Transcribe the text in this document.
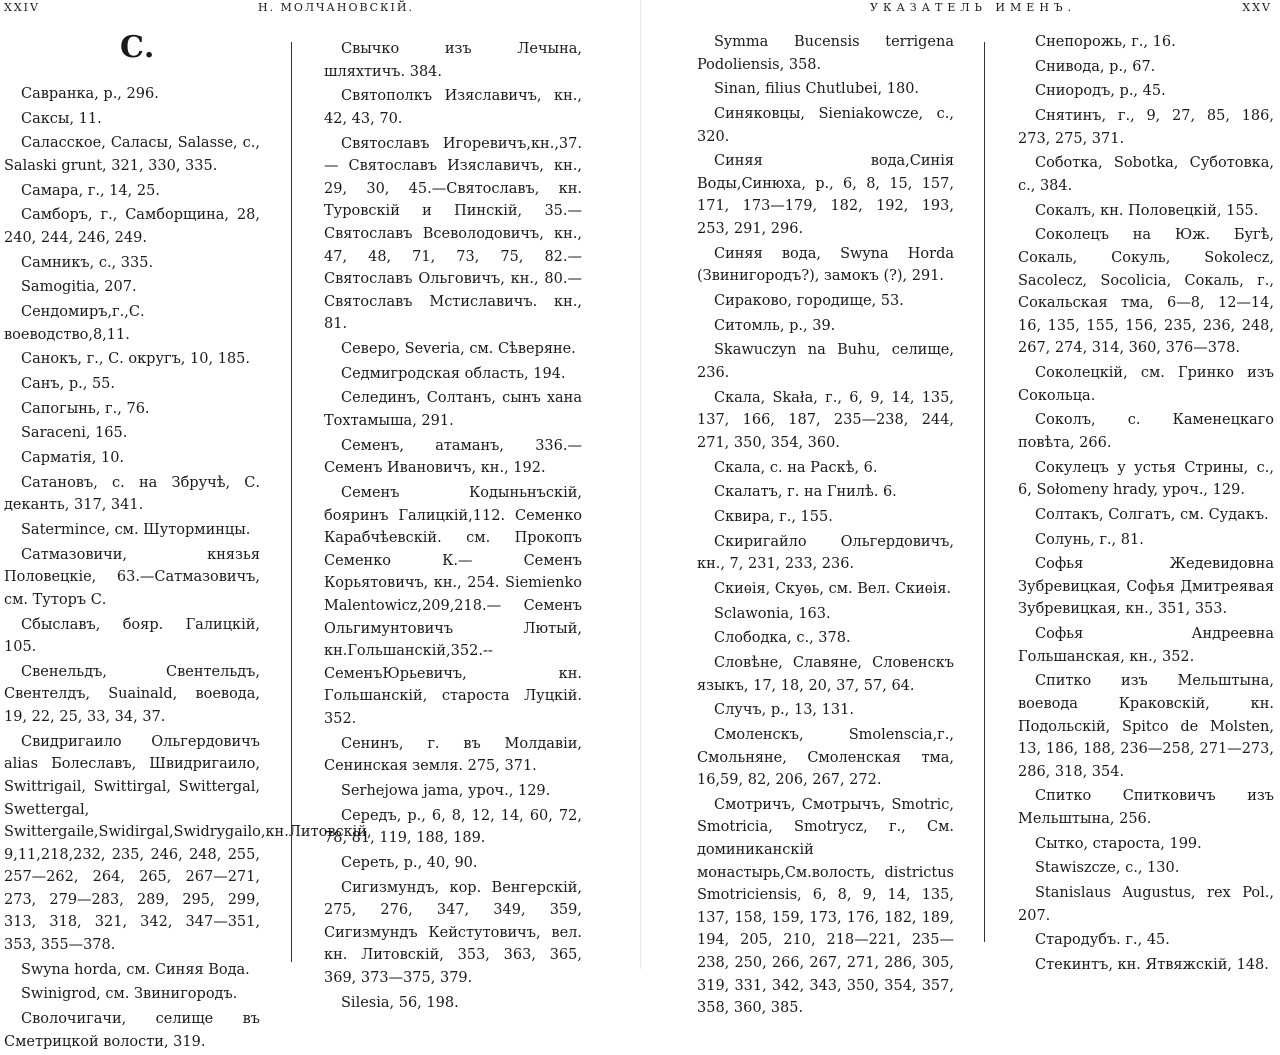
XXIV	Н. МОЛЧАНОВСКІЙ.
С.

Савранка, р., 296.

Саксы, 11.

Саласское, Саласы, Salasse, с., Salaski grunt, 321, 330, 335.

Самара, г., 14, 25.

Самборъ, г., Самборщина, 28, 240, 244, 246, 249.

Самникъ, с., 335.

Samogitia, 207.

Сендомиръ,г.,С. воеводство,8,11.

Санокъ, г., С. округъ, 10, 185.

Санъ, р., 55.

Сапогынь, г., 76.

Saraceni, 165.

Сарматія, 10.

Сатановъ, с. на Збручѣ, С. деканть, 317, 341.

Satermince, см. Шуторминцы.

Сатмазовичи, князья Половецкіе, 63.—Сатмазовичъ, см. Туторъ С.

Сбыславъ, бояр. Галицкій, 105.

Свенельдъ, Свентельдъ, Свентелдъ, Suainald, воевода, 19, 22, 25, 33, 34, 37.

Свидригаило Ольгердовичъ alias Болеславъ, Швидригаило, Swittrigail, Swittirgal, Swittergal, Swettergal, Swittergaile,Swidirgal,Swidrygailo,кн.Литовскій, 9,11,218,232, 235, 246, 248, 255, 257—262, 264, 265, 267—271, 273, 279—283, 289, 295, 299, 313, 318, 321, 342, 347—351, 353, 355—378.

Swyna horda, см. Синяя Вода.

Swinigrod, см. Звинигородъ.

Сволочигачи, селище въ Сметрицкой волости, 319.

Свычко изъ Лечына, шляхтичъ. 384.

Святополкъ Изяславичъ, кн., 42, 43, 70.

Святославъ Игоревичъ,кн.,37.— Святославъ Изяславичъ, кн., 29, 30, 45.—Святославъ, кн. Туровскій и Пинскій, 35.—Святославъ Всеволодовичъ, кн., 47, 48, 71, 73, 75, 82.—Святославъ Ольговичъ, кн., 80.—Святославъ Мстиславичъ. кн., 81.

Северо, Severia, см. Сѣверяне.

Седмигродская область, 194.

Селединъ, Солтанъ, сынъ хана Тохтамыша, 291.

Семенъ, атаманъ, 336.—Семенъ Ивановичъ, кн., 192.

Семенъ Кодыньнъскій, бояринъ Галицкій,112. Семенко Карабчѣевскій. см. Прокопъ Семенко К.— Семенъ Корьятовичъ, кн., 254. Siemienko Malentowicz,209,218.— Семенъ Ольгимунтовичъ Лютый, кн.Гольшанскій,352.--СеменъЮрьевичъ, кн. Гольшанскій, староста Луцкій. 352.

Сенинъ, г. въ Молдавіи, Сенинская земля. 275, 371.

Serhejowa jama, уроч., 129.

Середъ, р., 6, 8, 12, 14, 60, 72, 78, 81, 119, 188, 189.

Сереть, р., 40, 90.

Сигизмундъ, кор. Венгерскій, 275, 276, 347, 349, 359, Сигизмундъ Кейстутовичъ, вел. кн. Литовскій, 353, 363, 365, 369, 373—375, 379.

Silesia, 56, 198.

УКАЗАТЕЛЬ ИМЕНЪ.	XXV

Symma Bucensis terrigena Podoliensis, 358.

Sinan, filius Chutlubei, 180.

Синяковцы, Sieniakowcze, с., 320.

Синяя вода,Синія Воды,Синюха, р., 6, 8, 15, 157, 171, 173—179, 182, 192, 193, 253, 291, 296.

Синяя вода, Swyna Horda (Звинигородъ?), замокъ (?), 291.

Сираково, городище, 53.

Ситомль, р., 39.

Skawuczyn na Buhu, селище, 236.

Скала, Skała, г., 6, 9, 14, 135, 137, 166, 187, 235—238, 244, 271, 350, 354, 360.

Скала, с. на Раскѣ, 6.

Скалатъ, г. на Гнилѣ. 6.

Сквира, г., 155.

Скиригайло Ольгердовичъ, кн., 7, 231, 233, 236.

Скиѳія, Скуѳь, см. Вел. Скиѳія.

Sclawonia, 163.

Слободка, с., 378.

Словѣне, Славяне, Словенскъ языкъ, 17, 18, 20, 37, 57, 64.

Случъ, р., 13, 131.

Смоленскъ, Smolenscia,г., Смольняне, Смоленская тма, 16,59, 82, 206, 267, 272.

Смотричъ, Смотрычъ, Smotric, Smotricia, Smotrycz, г., См. доминиканскій монастырь,См.волость, districtus Smotriciensis, 6, 8, 9, 14, 135, 137, 158, 159, 173, 176, 182, 189, 194, 205, 210, 218—221, 235—238, 250, 266, 267, 271, 286, 305, 319, 331, 342, 343, 350, 354, 357, 358, 360, 385.

Снепорожь, г., 16.

Снивода, р., 67.

Сниородъ, р., 45.

Снятинъ, г., 9, 27, 85, 186, 273, 275, 371.

Соботка, Sobotka, Суботовка, с., 384.

Сокалъ, кн. Половецкій, 155.

Соколецъ на Юж. Бугѣ, Сокаль, Сокуль, Sokolecz, Sacolecz, Socolicia, Сокаль, г., Сокальская тма, 6—8, 12—14, 16, 135, 155, 156, 235, 236, 248, 267, 274, 314, 360, 376—378.

Соколецкій, см. Гринко изъ Сокольца.

Соколъ, с. Каменецкаго повѣта, 266.

Сокулецъ у устья Стрины, с., 6, Sołomeny hrady, уроч., 129.

Солтакъ, Солгатъ, см. Судакъ.

Солунь, г., 81.

Софья Жедевидовна Зубревицкая, Софья Дмитреявая Зубревицкая, кн., 351, 353.

Софья Андреевна Гольшанская, кн., 352.

Спитко изъ Мельштына, воевода Краковскій, кн. Подольскій, Spitco de Molsten, 13, 186, 188, 236—258, 271—273, 286, 318, 354.

Спитко Спитковичъ изъ Мельштына, 256.

Сытко, староста, 199.

Stawiszcze, с., 130.

Stanislaus Augustus, rex Pol., 207.

Стародубъ. г., 45.

Стекинтъ, кн. Ятвяжскій, 148.
